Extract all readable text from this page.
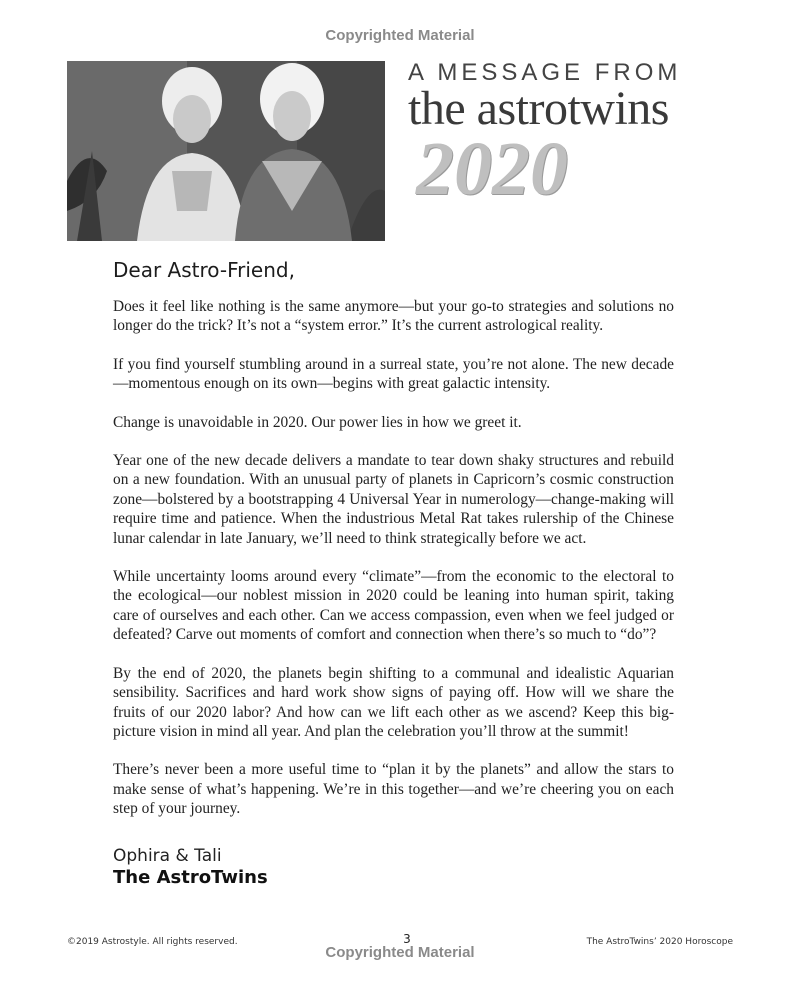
Copyrighted Material
A MESSAGE FROM
the astrotwins
2020

Dear Astro-Friend,

Does it feel like nothing is the same anymore—but your go-to strategies and solutions no longer do the trick? It’s not a “system error.” It’s the current astrological reality.

If you find yourself stumbling around in a surreal state, you’re not alone. The new decade—momentous enough on its own—begins with great galactic intensity.

Change is unavoidable in 2020. Our power lies in how we greet it.

Year one of the new decade delivers a mandate to tear down shaky structures and rebuild on a new foundation. With an unusual party of planets in Capricorn’s cosmic construction zone—bolstered by a bootstrapping 4 Universal Year in numerology—change-making will require time and patience. When the industrious Metal Rat takes rulership of the Chinese lunar calendar in late January, we’ll need to think strategically before we act.

While uncertainty looms around every “climate”—from the economic to the electoral to the ecological—our noblest mission in 2020 could be leaning into human spirit, taking care of ourselves and each other. Can we access compassion, even when we feel judged or defeated? Carve out moments of comfort and connection when there’s so much to “do”?

By the end of 2020, the planets begin shifting to a communal and idealistic Aquarian sensibility. Sacrifices and hard work show signs of paying off. How will we share the fruits of our 2020 labor? And how can we lift each other as we ascend? Keep this big-picture vision in mind all year. And plan the celebration you’ll throw at the summit!

There’s never been a more useful time to “plan it by the planets” and allow the stars to make sense of what’s happening. We’re in this together—and we’re cheering you on each step of your journey.

Ophira & Tali

The AstroTwins

©2019 Astrostyle. All rights reserved.	3	The AstroTwins’ 2020 Horoscope
Copyrighted Material
